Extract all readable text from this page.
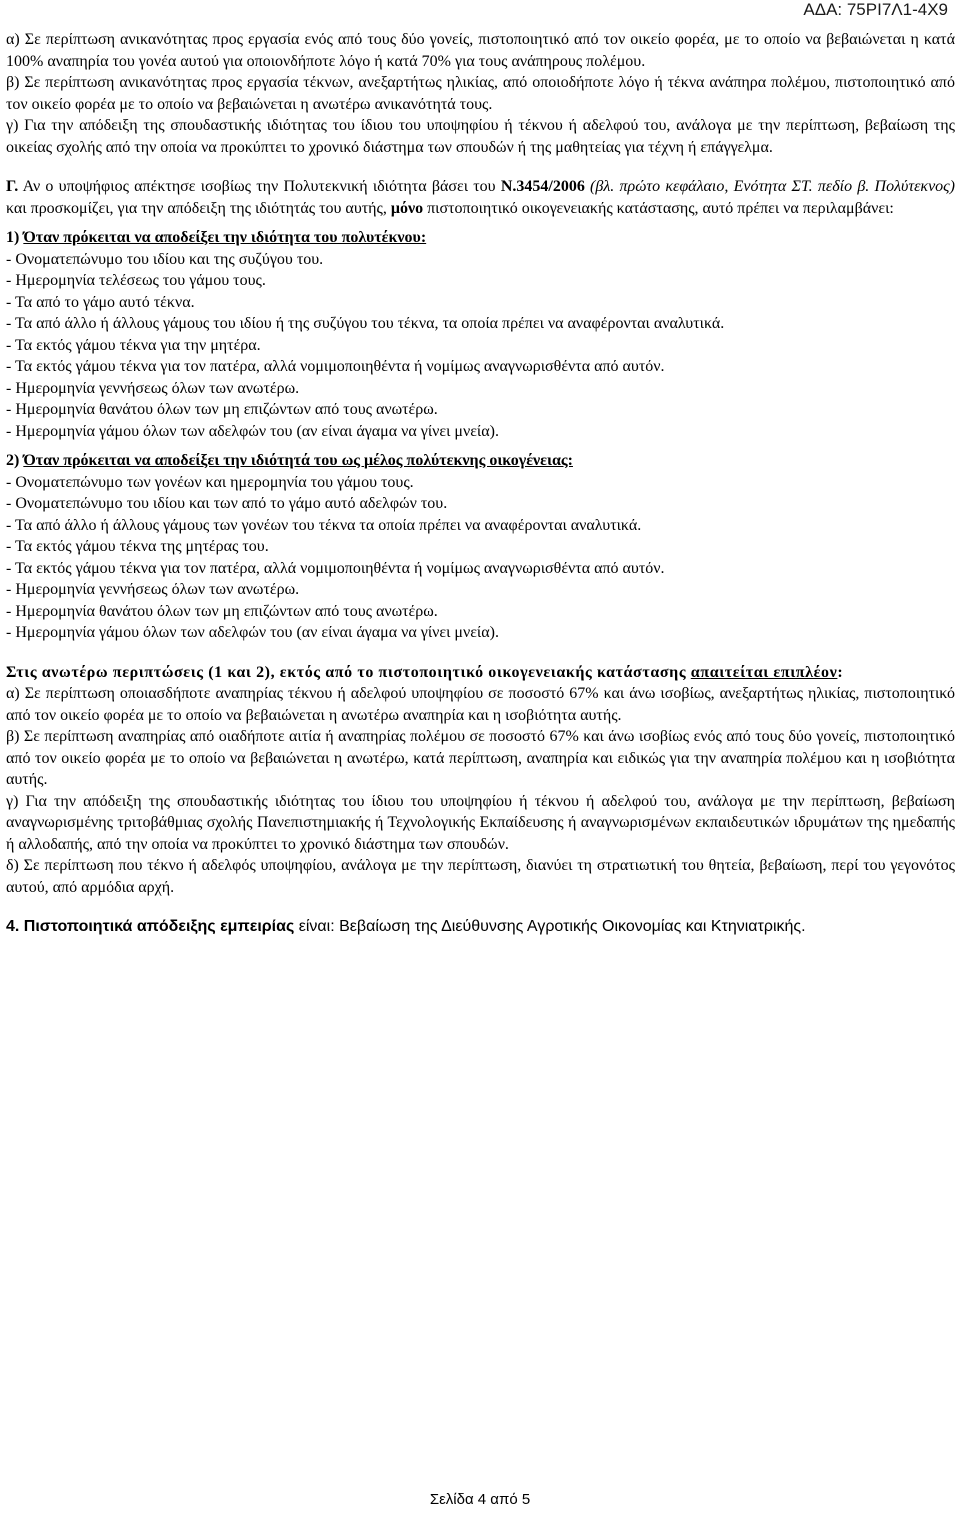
ΑΔΑ: 75ΡΙ7Λ1-4Χ9

α) Σε περίπτωση ανικανότητας προς εργασία ενός από τους δύο γονείς, πιστοποιητικό από τον οικείο φορέα, με το οποίο να βεβαιώνεται η κατά 100% αναπηρία του γονέα αυτού για οποιονδήποτε λόγο ή κατά 70% για τους ανάπηρους πολέμου.

β) Σε περίπτωση ανικανότητας προς εργασία τέκνων, ανεξαρτήτως ηλικίας, από οποιοδήποτε λόγο ή τέκνα ανάπηρα πολέμου, πιστοποιητικό από τον οικείο φορέα με το οποίο να βεβαιώνεται η ανωτέρω ανικανότητά τους.

γ) Για την απόδειξη της σπουδαστικής ιδιότητας του ίδιου του υποψηφίου ή τέκνου ή αδελφού του, ανάλογα με την περίπτωση, βεβαίωση της οικείας σχολής από την οποία να προκύπτει το χρονικό διάστημα των σπουδών ή της μαθητείας για τέχνη ή επάγγελμα.

Γ. Αν ο υποψήφιος απέκτησε ισοβίως την Πολυτεκνική ιδιότητα βάσει του Ν.3454/2006 (βλ. πρώτο κεφάλαιο, Ενότητα ΣΤ. πεδίο β. Πολύτεκνος) και προσκομίζει, για την απόδειξη της ιδιότητάς του αυτής, μόνο πιστοποιητικό οικογενειακής κατάστασης, αυτό πρέπει να περιλαμβάνει:

1) Όταν πρόκειται να αποδείξει την ιδιότητα του πολυτέκνου:

- Ονοματεπώνυμο του ιδίου και της συζύγου του.

- Ημερομηνία τελέσεως του γάμου τους.

- Τα από το γάμο αυτό τέκνα.

- Τα από άλλο ή άλλους γάμους του ιδίου ή της συζύγου του τέκνα, τα οποία πρέπει να αναφέρονται αναλυτικά.

- Τα εκτός γάμου τέκνα για την μητέρα.

- Τα εκτός γάμου τέκνα για τον πατέρα, αλλά νομιμοποιηθέντα ή νομίμως αναγνωρισθέντα από αυτόν.

- Ημερομηνία γεννήσεως όλων των ανωτέρω.

- Ημερομηνία θανάτου όλων των μη επιζώντων από τους ανωτέρω.

- Ημερομηνία γάμου όλων των αδελφών του (αν είναι άγαμα να γίνει μνεία).

2) Όταν πρόκειται να αποδείξει την ιδιότητά του ως μέλος πολύτεκνης οικογένειας:

- Ονοματεπώνυμο των γονέων και ημερομηνία του γάμου τους.

- Ονοματεπώνυμο του ιδίου και των από το γάμο αυτό αδελφών του.

- Τα από άλλο ή άλλους γάμους των γονέων του τέκνα τα οποία πρέπει να αναφέρονται αναλυτικά.

- Τα εκτός γάμου τέκνα της μητέρας του.

- Τα εκτός γάμου τέκνα για τον πατέρα, αλλά νομιμοποιηθέντα ή νομίμως αναγνωρισθέντα από αυτόν.

- Ημερομηνία γεννήσεως όλων των ανωτέρω.

- Ημερομηνία θανάτου όλων των μη επιζώντων από τους ανωτέρω.

- Ημερομηνία γάμου όλων των αδελφών του (αν είναι άγαμα να γίνει μνεία).

Στις ανωτέρω περιπτώσεις (1 και 2), εκτός από το πιστοποιητικό οικογενειακής κατάστασης απαιτείται επιπλέον:

α) Σε περίπτωση οποιασδήποτε αναπηρίας τέκνου ή αδελφού υποψηφίου σε ποσοστό 67% και άνω ισοβίως, ανεξαρτήτως ηλικίας, πιστοποιητικό από τον οικείο φορέα με το οποίο να βεβαιώνεται η ανωτέρω αναπηρία και η ισοβιότητα αυτής.

β) Σε περίπτωση αναπηρίας από οιαδήποτε αιτία ή αναπηρίας πολέμου σε ποσοστό 67% και άνω ισοβίως ενός από τους δύο γονείς, πιστοποιητικό από τον οικείο φορέα με το οποίο να βεβαιώνεται η ανωτέρω, κατά περίπτωση, αναπηρία και ειδικώς για την αναπηρία πολέμου και η ισοβιότητα αυτής.

γ) Για την απόδειξη της σπουδαστικής ιδιότητας του ίδιου του υποψηφίου ή τέκνου ή αδελφού του, ανάλογα με την περίπτωση, βεβαίωση αναγνωρισμένης τριτοβάθμιας σχολής Πανεπιστημιακής ή Τεχνολογικής Εκπαίδευσης ή αναγνωρισμένων εκπαιδευτικών ιδρυμάτων της ημεδαπής ή αλλοδαπής, από την οποία να προκύπτει το χρονικό διάστημα των σπουδών.

δ) Σε περίπτωση που τέκνο ή αδελφός υποψηφίου, ανάλογα με την περίπτωση, διανύει τη στρατιωτική του θητεία, βεβαίωση, περί του γεγονότος αυτού, από αρμόδια αρχή.

4. Πιστοποιητικά απόδειξης εμπειρίας είναι: Βεβαίωση της Διεύθυνσης Αγροτικής Οικονομίας και Κτηνιατρικής.

Σελίδα 4 από 5
